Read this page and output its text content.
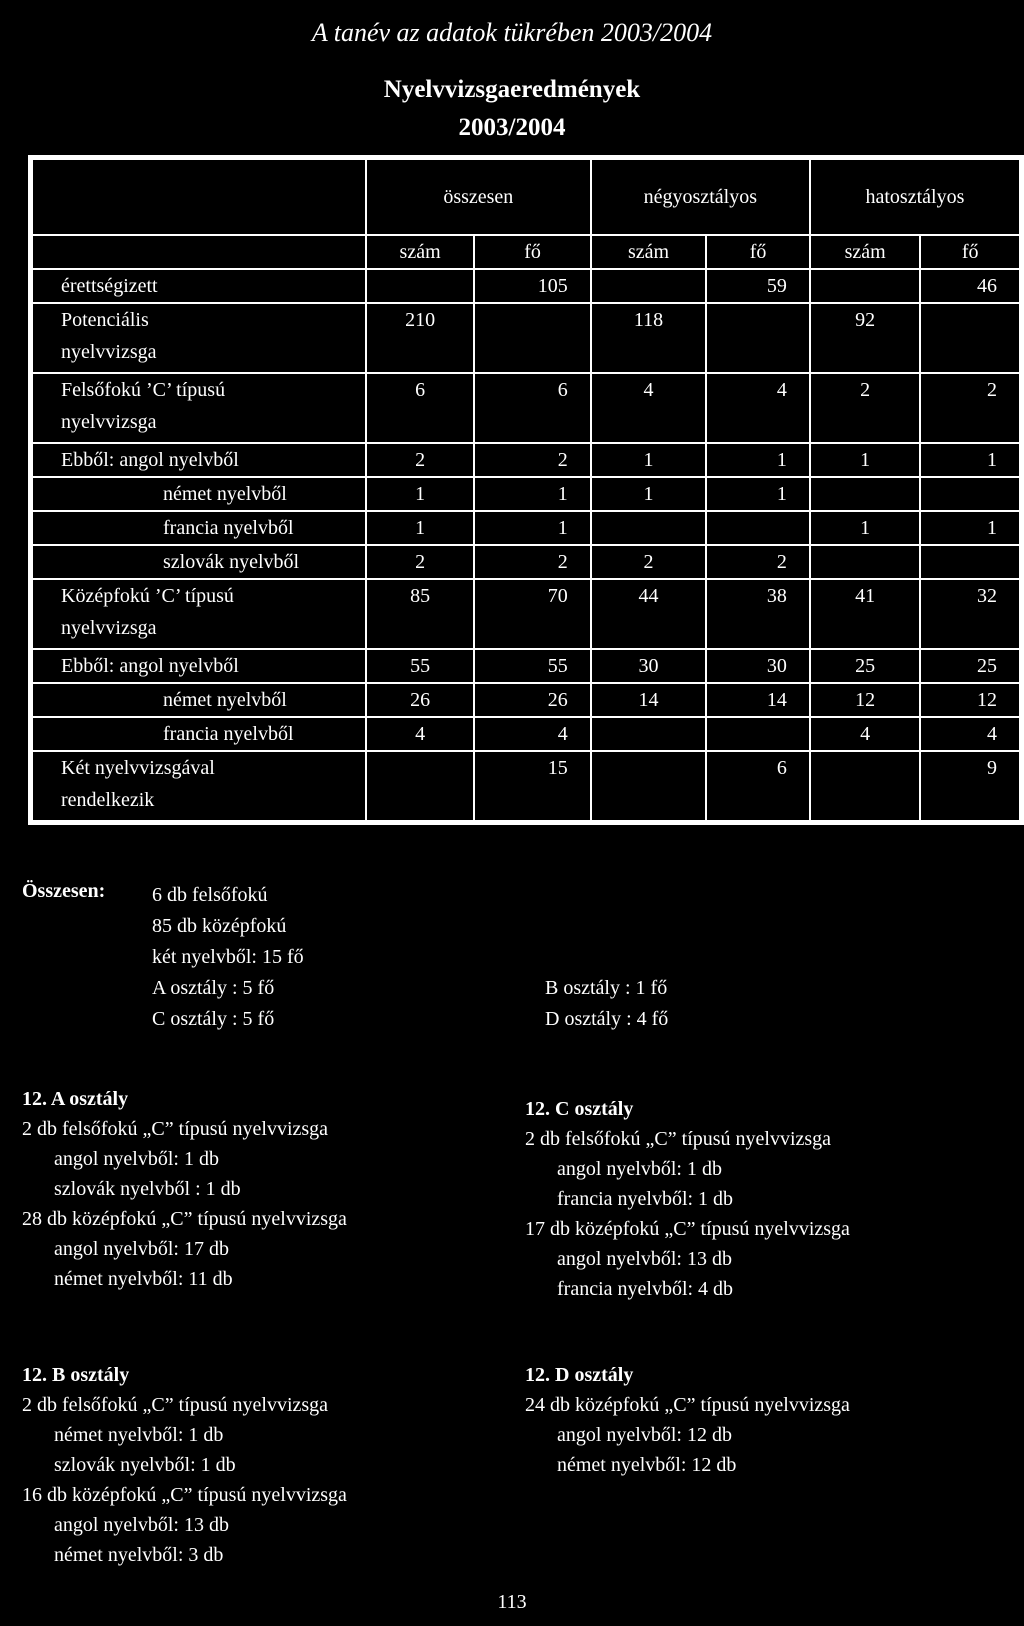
A tanév az adatok tükrében 2003/2004
Nyelvvizsgaeredmények
2003/2004
	összesen		négyosztályos		hatosztályos	
	szám	fő	szám	fő	szám	fő

érettségizett		105		59		46

Potenciális
nyelvvizsga	210		118		92	

Felsőfokú ’C’ típusú
nyelvvizsga	6	6	4	4	2	2

Ebből: angol nyelvből	2	2	1	1	1	1

német nyelvből	1	1	1	1		

francia nyelvből	1	1			1	1

szlovák nyelvből	2	2	2	2		

Középfokú ’C’ típusú
nyelvvizsga	85	70	44	38	41	32

Ebből: angol nyelvből	55	55	30	30	25	25

német nyelvből	26	26	14	14	12	12

francia nyelvből	4	4			4	4

Két nyelvvizsgával
rendelkezik		15		6		9
Összesen: 6 db felsőfokú
85 db középfokú
két nyelvből: 15 fő
A osztály : 5 fő
C osztály : 5 fő
B osztály : 1 fő
D osztály : 4 fő
12. A osztály
2 db felsőfokú „C” típusú nyelvvizsga
angol nyelvből: 1 db
szlovák nyelvből : 1 db
28 db középfokú „C” típusú nyelvvizsga
angol nyelvből: 17 db
német nyelvből: 11 db
12. C osztály
2 db felsőfokú „C” típusú nyelvvizsga
angol nyelvből: 1 db
francia nyelvből: 1 db
17 db középfokú „C” típusú nyelvvizsga
angol nyelvből: 13 db
francia nyelvből: 4 db
12. B osztály
2 db felsőfokú „C” típusú nyelvvizsga
német nyelvből: 1 db
szlovák nyelvből: 1 db
16 db középfokú „C” típusú nyelvvizsga
angol nyelvből: 13 db
német nyelvből: 3 db
12. D osztály
24 db középfokú „C” típusú nyelvvizsga
angol nyelvből: 12 db
német nyelvből: 12 db
113
